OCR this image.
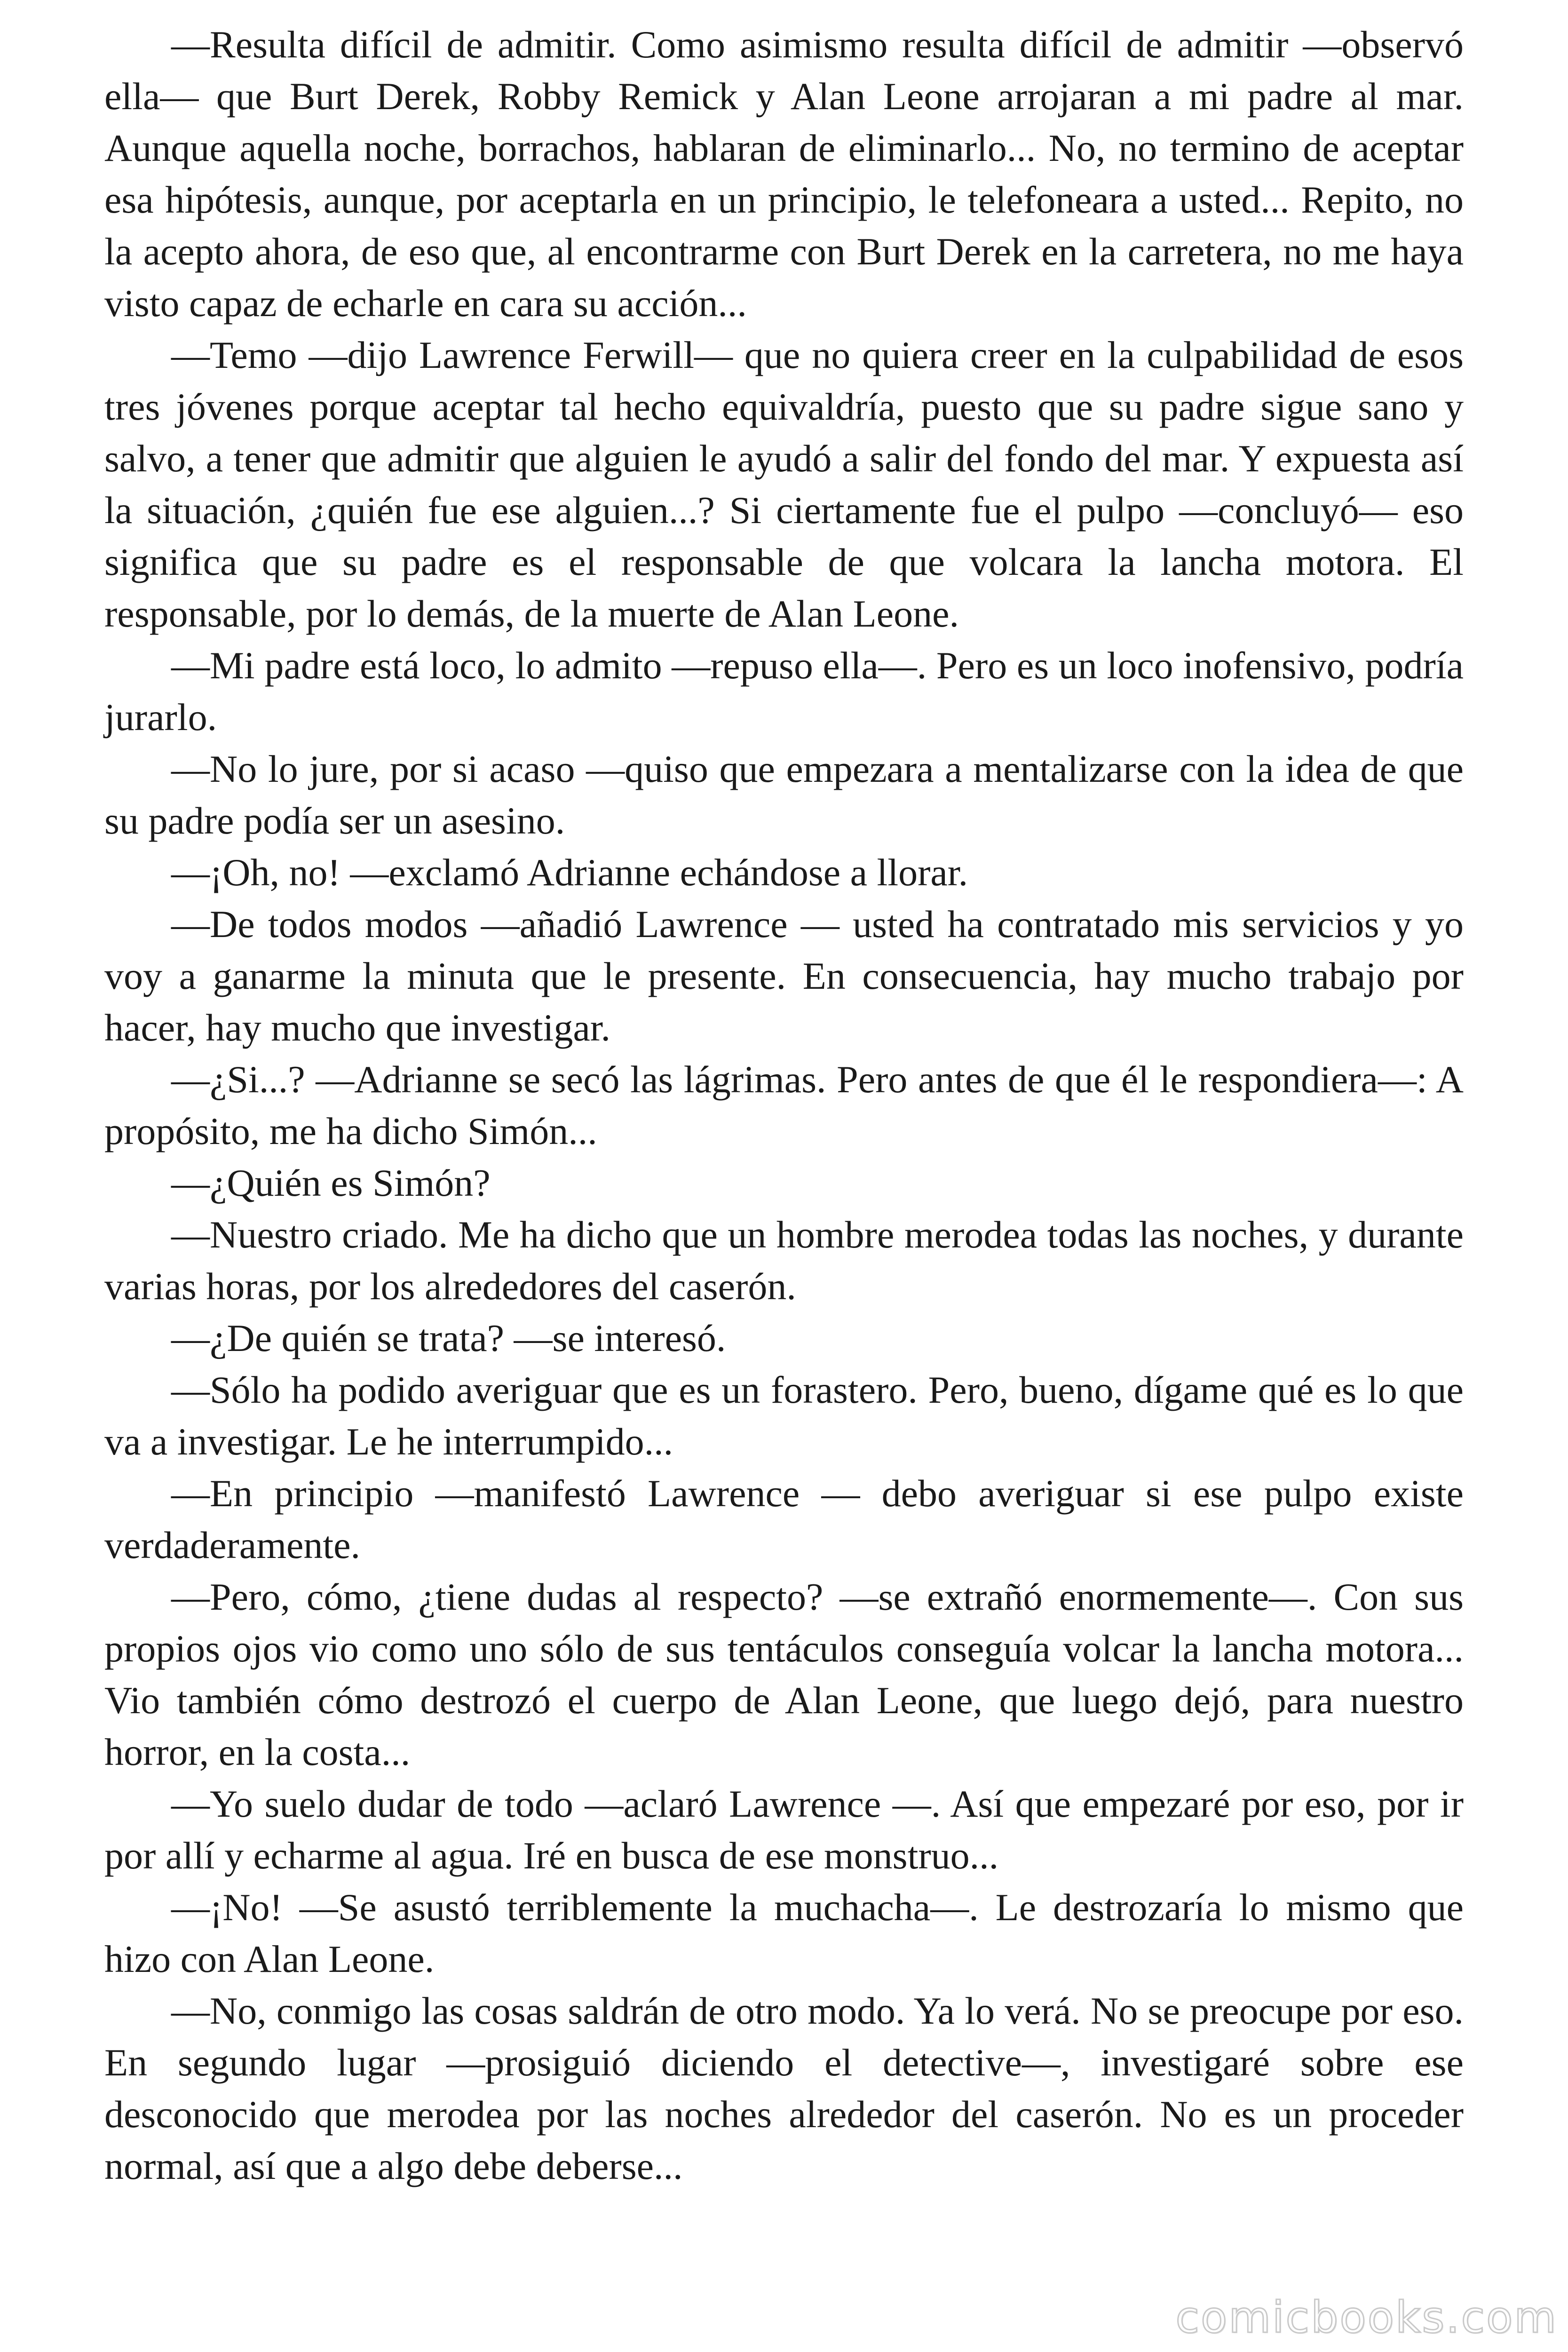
—Resulta difícil de admitir. Como asimismo resulta difícil de admitir —observó ella— que Burt Derek, Robby Remick y Alan Leone arrojaran a mi padre al mar. Aunque aquella noche, borrachos, hablaran de eliminarlo... No, no termino de aceptar esa hipótesis, aunque, por aceptarla en un principio, le telefoneara a usted... Repito, no la acepto ahora, de eso que, al encontrarme con Burt Derek en la carretera, no me haya visto capaz de echarle en cara su acción...

—Temo —dijo Lawrence Ferwill— que no quiera creer en la culpabilidad de esos tres jóvenes porque aceptar tal hecho equivaldría, puesto que su padre sigue sano y salvo, a tener que admitir que alguien le ayudó a salir del fondo del mar. Y expuesta así la situación, ¿quién fue ese alguien...? Si ciertamente fue el pulpo —concluyó— eso significa que su padre es el responsable de que volcara la lancha motora. El responsable, por lo demás, de la muerte de Alan Leone.

—Mi padre está loco, lo admito —repuso ella—. Pero es un loco inofensivo, podría jurarlo.

—No lo jure, por si acaso —quiso que empezara a mentalizarse con la idea de que su padre podía ser un asesino.

—¡Oh, no! —exclamó Adrianne echándose a llorar.

—De todos modos —añadió Lawrence — usted ha contratado mis servicios y yo voy a ganarme la minuta que le presente. En consecuencia, hay mucho trabajo por hacer, hay mucho que investigar.

—¿Si...? —Adrianne se secó las lágrimas. Pero antes de que él le respondiera—: A propósito, me ha dicho Simón...

—¿Quién es Simón?

—Nuestro criado. Me ha dicho que un hombre merodea todas las noches, y durante varias horas, por los alrededores del caserón.

—¿De quién se trata? —se interesó.

—Sólo ha podido averiguar que es un forastero. Pero, bueno, dígame qué es lo que va a investigar. Le he interrumpido...

—En principio —manifestó Lawrence — debo averiguar si ese pulpo existe verdaderamente.

—Pero, cómo, ¿tiene dudas al respecto? —se extrañó enormemente—. Con sus propios ojos vio como uno sólo de sus tentáculos conseguía volcar la lancha motora... Vio también cómo destrozó el cuerpo de Alan Leone, que luego dejó, para nuestro horror, en la costa...

—Yo suelo dudar de todo —aclaró Lawrence —. Así que empezaré por eso, por ir por allí y echarme al agua. Iré en busca de ese monstruo...

—¡No! —Se asustó terriblemente la muchacha—. Le destrozaría lo mismo que hizo con Alan Leone.

—No, conmigo las cosas saldrán de otro modo. Ya lo verá. No se preocupe por eso. En segundo lugar —prosiguió diciendo el detective—, investigaré sobre ese desconocido que merodea por las noches alrededor del caserón. No es un proceder normal, así que a algo debe deberse...

comicbooks.com
